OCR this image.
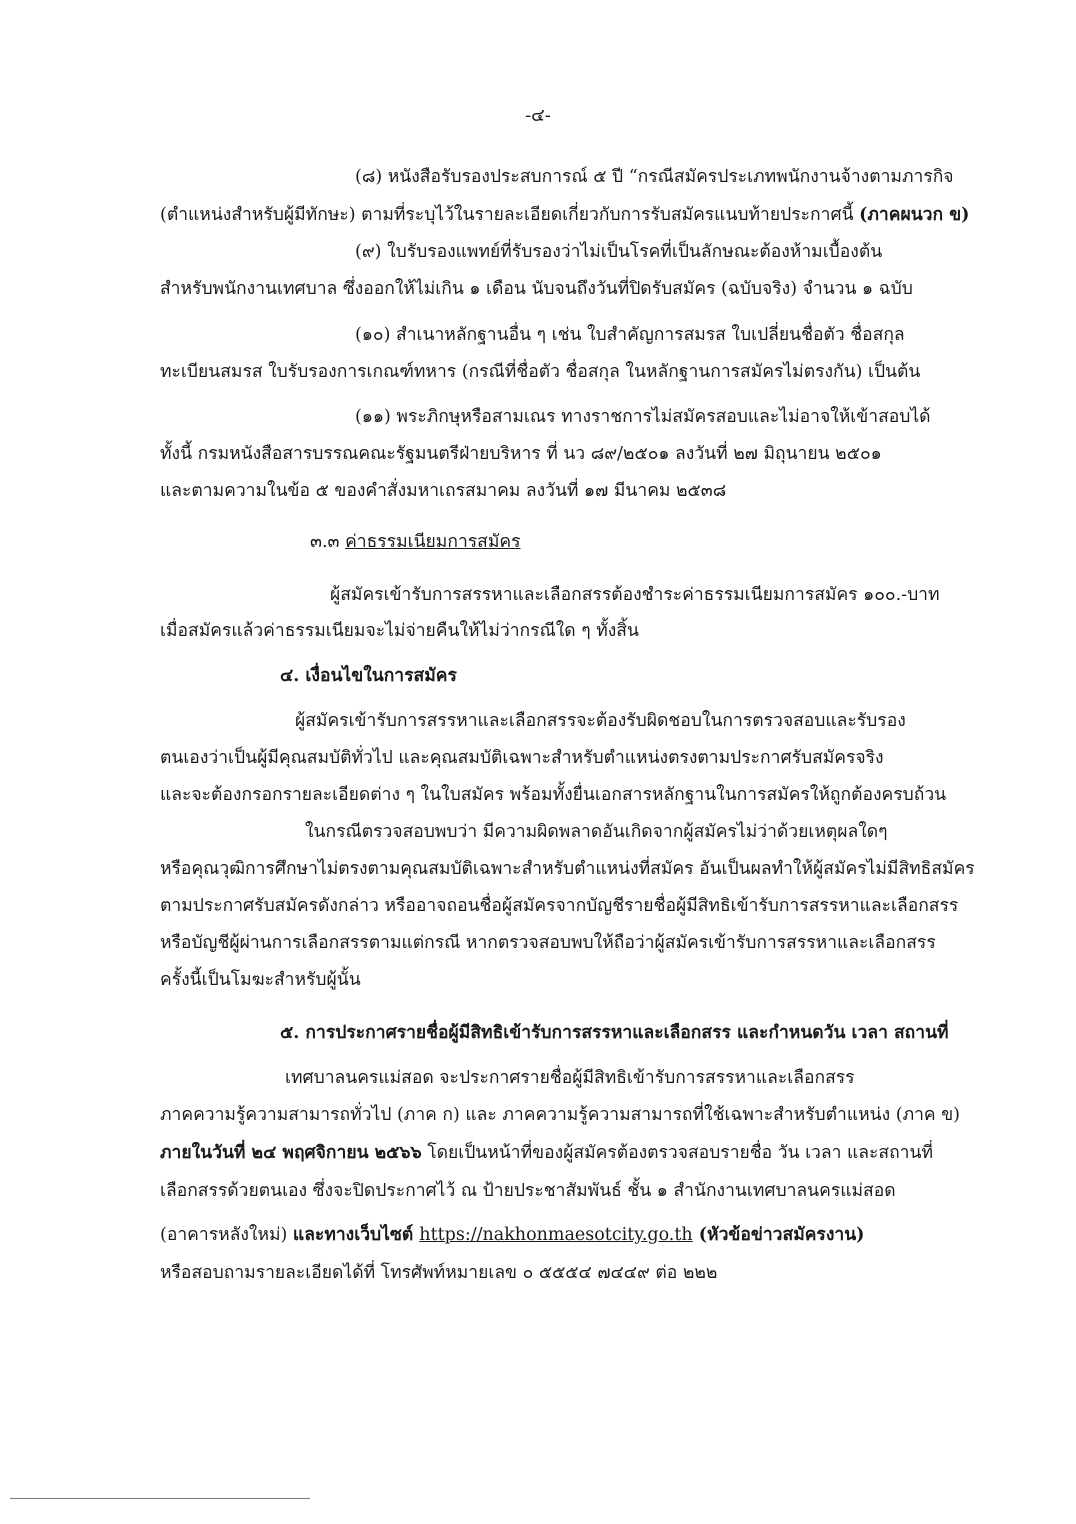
-๔-
(๘) หนังสือรับรองประสบการณ์ ๕ ปี “กรณีสมัครประเภทพนักงานจ้างตามภารกิจ
(ตำแหน่งสำหรับผู้มีทักษะ) ตามที่ระบุไว้ในรายละเอียดเกี่ยวกับการรับสมัครแนบท้ายประกาศนี้ (ภาคผนวก ข)
(๙) ใบรับรองแพทย์ที่รับรองว่าไม่เป็นโรคที่เป็นลักษณะต้องห้ามเบื้องต้น
สำหรับพนักงานเทศบาล ซึ่งออกให้ไม่เกิน ๑ เดือน นับจนถึงวันที่ปิดรับสมัคร (ฉบับจริง) จำนวน ๑ ฉบับ
(๑๐) สำเนาหลักฐานอื่น ๆ เช่น ใบสำคัญการสมรส ใบเปลี่ยนชื่อตัว ชื่อสกุล
ทะเบียนสมรส ใบรับรองการเกณฑ์ทหาร (กรณีที่ชื่อตัว ชื่อสกุล ในหลักฐานการสมัครไม่ตรงกัน) เป็นต้น
(๑๑) พระภิกษุหรือสามเณร ทางราชการไม่สมัครสอบและไม่อาจให้เข้าสอบได้
ทั้งนี้ กรมหนังสือสารบรรณคณะรัฐมนตรีฝ่ายบริหาร ที่ นว ๘๙/๒๕๐๑ ลงวันที่ ๒๗ มิถุนายน ๒๕๐๑
และตามความในข้อ ๕ ของคำสั่งมหาเถรสมาคม ลงวันที่ ๑๗ มีนาคม ๒๕๓๘
๓.๓ ค่าธรรมเนียมการสมัคร
ผู้สมัครเข้ารับการสรรหาและเลือกสรรต้องชำระค่าธรรมเนียมการสมัคร ๑๐๐.-บาท
เมื่อสมัครแล้วค่าธรรมเนียมจะไม่จ่ายคืนให้ไม่ว่ากรณีใด ๆ ทั้งสิ้น
๔. เงื่อนไขในการสมัคร
ผู้สมัครเข้ารับการสรรหาและเลือกสรรจะต้องรับผิดชอบในการตรวจสอบและรับรอง
ตนเองว่าเป็นผู้มีคุณสมบัติทั่วไป และคุณสมบัติเฉพาะสำหรับตำแหน่งตรงตามประกาศรับสมัครจริง
และจะต้องกรอกรายละเอียดต่าง ๆ ในใบสมัคร พร้อมทั้งยื่นเอกสารหลักฐานในการสมัครให้ถูกต้องครบถ้วน
ในกรณีตรวจสอบพบว่า มีความผิดพลาดอันเกิดจากผู้สมัครไม่ว่าด้วยเหตุผลใดๆ
หรือคุณวุฒิการศึกษาไม่ตรงตามคุณสมบัติเฉพาะสำหรับตำแหน่งที่สมัคร อันเป็นผลทำให้ผู้สมัครไม่มีสิทธิสมัคร
ตามประกาศรับสมัครดังกล่าว หรืออาจถอนชื่อผู้สมัครจากบัญชีรายชื่อผู้มีสิทธิเข้ารับการสรรหาและเลือกสรร
หรือบัญชีผู้ผ่านการเลือกสรรตามแต่กรณี หากตรวจสอบพบให้ถือว่าผู้สมัครเข้ารับการสรรหาและเลือกสรร
ครั้งนี้เป็นโมฆะสำหรับผู้นั้น
๕. การประกาศรายชื่อผู้มีสิทธิเข้ารับการสรรหาและเลือกสรร และกำหนดวัน เวลา สถานที่
เทศบาลนครแม่สอด จะประกาศรายชื่อผู้มีสิทธิเข้ารับการสรรหาและเลือกสรร
ภาคความรู้ความสามารถทั่วไป (ภาค ก) และ ภาคความรู้ความสามารถที่ใช้เฉพาะสำหรับตำแหน่ง (ภาค ข)
ภายในวันที่ ๒๔ พฤศจิกายน ๒๕๖๖ โดยเป็นหน้าที่ของผู้สมัครต้องตรวจสอบรายชื่อ วัน เวลา และสถานที่
เลือกสรรด้วยตนเอง ซึ่งจะปิดประกาศไว้ ณ ป้ายประชาสัมพันธ์ ชั้น ๑ สำนักงานเทศบาลนครแม่สอด
(อาคารหลังใหม่) และทางเว็บไซต์ https://nakhonmaesotcity.go.th (หัวข้อข่าวสมัครงาน)
หรือสอบถามรายละเอียดได้ที่ โทรศัพท์หมายเลข ๐ ๕๕๕๔ ๗๔๔๙ ต่อ ๒๒๒
